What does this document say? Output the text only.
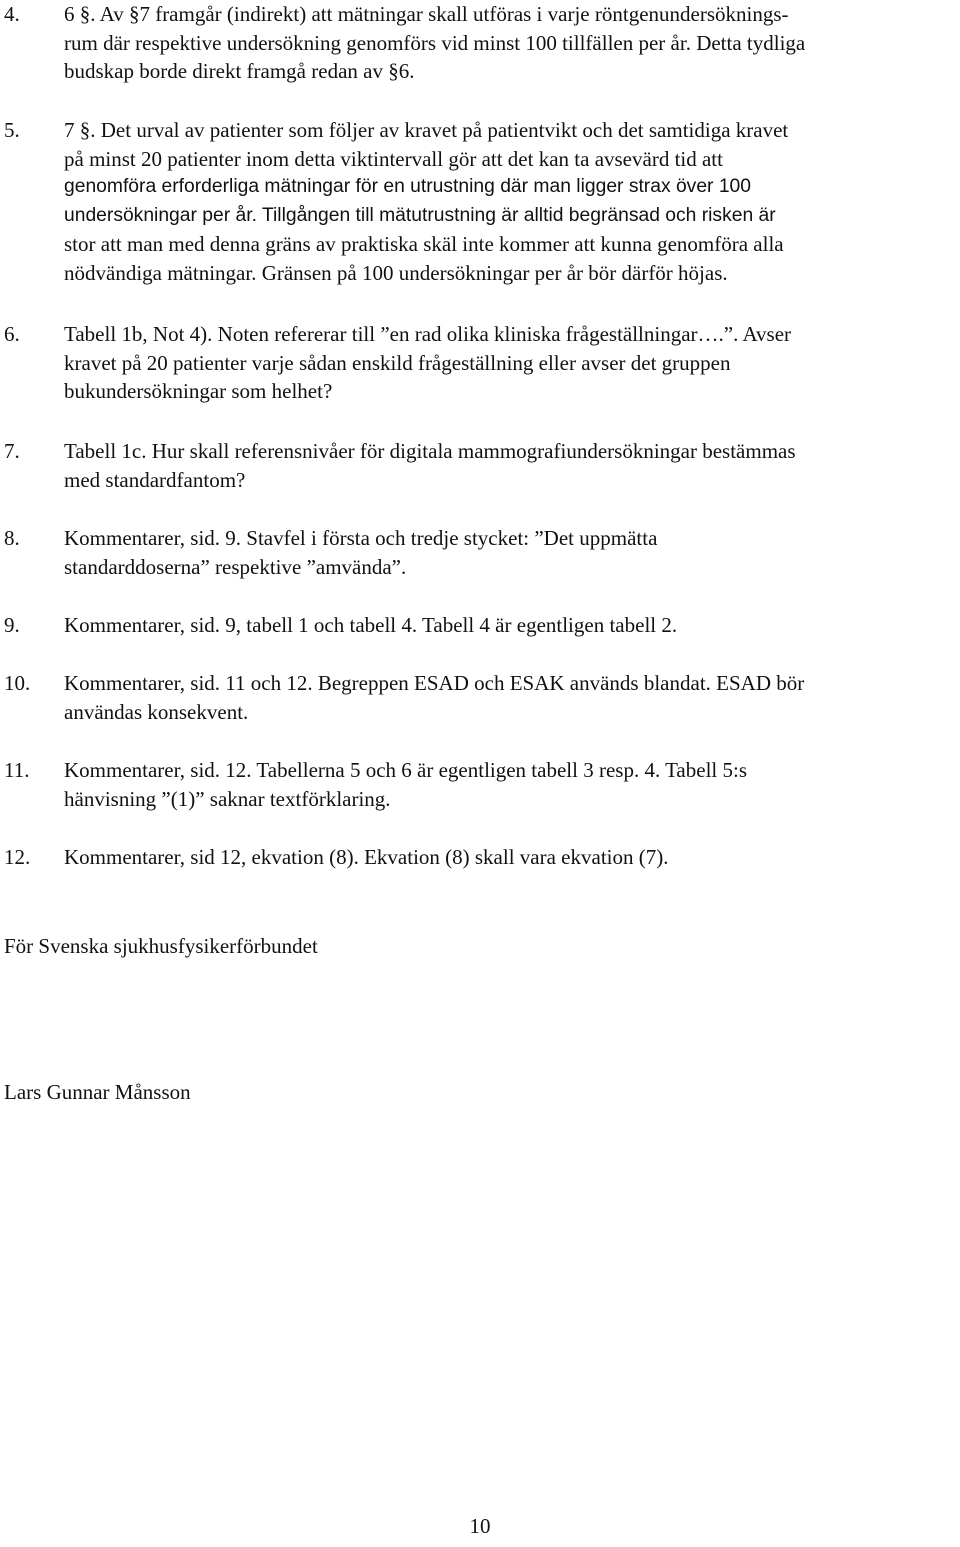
4.	6 §. Av §7 framgår (indirekt) att mätningar skall utföras i varje röntgenundersöknings-
rum där respektive undersökning genomförs vid minst 100 tillfällen per år. Detta tydliga
budskap borde direkt framgå redan av §6.
5.	7 §. Det urval av patienter som följer av kravet på patientvikt och det samtidiga kravet
på minst 20 patienter inom detta viktintervall gör att det kan ta avsevärd tid att
genomföra erforderliga mätningar för en utrustning där man ligger strax över 100
undersökningar per år. Tillgången till mätutrustning är alltid begränsad och risken är
stor att man med denna gräns av praktiska skäl inte kommer att kunna genomföra alla
nödvändiga mätningar. Gränsen på 100 undersökningar per år bör därför höjas.
6.	Tabell 1b, Not 4). Noten refererar till ”en rad olika kliniska frågeställningar….”. Avser
kravet på 20 patienter varje sådan enskild frågeställning eller avser det gruppen
bukundersökningar som helhet?
7.	Tabell 1c. Hur skall referensnivåer för digitala mammografiundersökningar bestämmas
med standardfantom?
8.	Kommentarer, sid. 9. Stavfel i första och tredje stycket: ”Det uppmätta
standarddoserna” respektive ”amvända”.
9.	Kommentarer, sid. 9, tabell 1 och tabell 4. Tabell 4 är egentligen tabell 2.
10.	Kommentarer, sid. 11 och 12. Begreppen ESAD och ESAK används blandat. ESAD bör
användas konsekvent.
11.	Kommentarer, sid. 12. Tabellerna 5 och 6 är egentligen tabell 3 resp. 4. Tabell 5:s
hänvisning ”(1)” saknar textförklaring.
12.	Kommentarer, sid 12, ekvation (8). Ekvation (8) skall vara ekvation (7).
För Svenska sjukhusfysikerförbundet
Lars Gunnar Månsson
10
